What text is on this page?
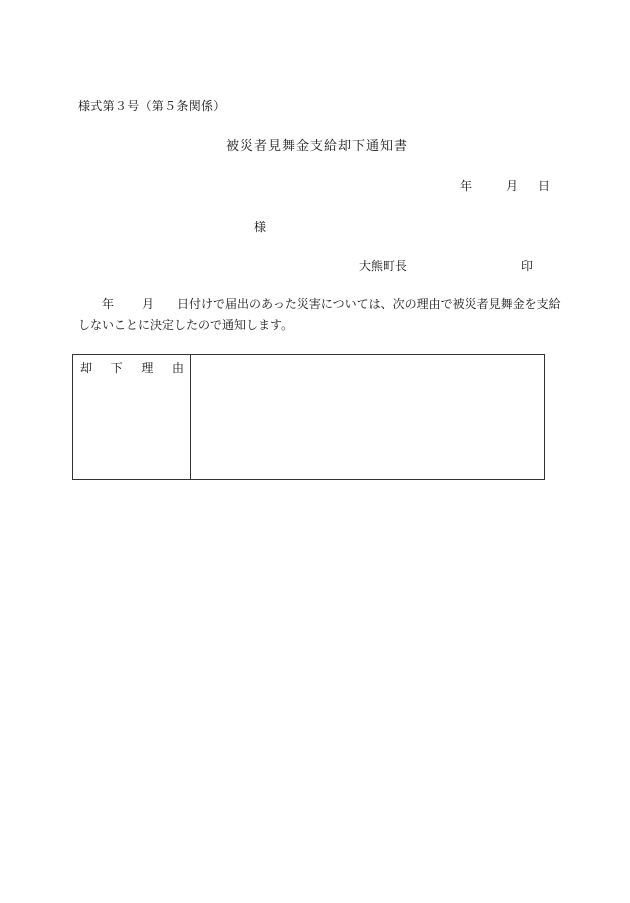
様式第３号（第５条関係）
被災者見舞金支給却下通知書
年	月 日
様
大熊町長	印
年 月 日付けで届出のあった災害については、次の理由で被災者見舞金を支給
しないことに決定したので通知します。
却 下 理 由
